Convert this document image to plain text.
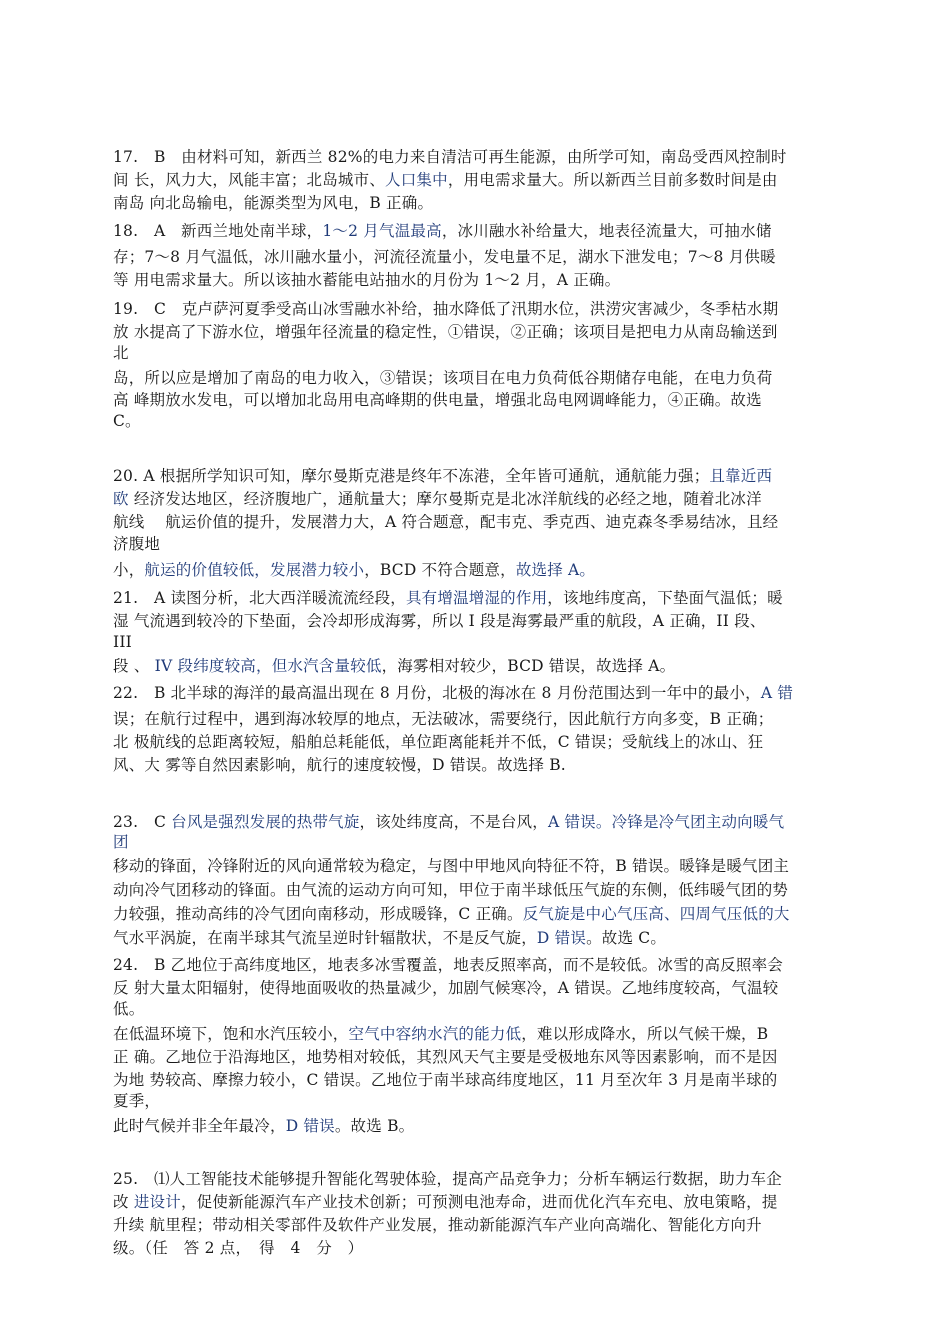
17.　B　由材料可知，新西兰 82%的电力来自清洁可再生能源，由所学可知，南岛受西风控制时
间 长，风力大，风能丰富；北岛城市、人口集中，用电需求量大。所以新西兰目前多数时间是由
南岛 向北岛输电，能源类型为风电，B 正确。
18.　A　新西兰地处南半球，1～2 月气温最高，冰川融水补给量大，地表径流量大，可抽水储
存；7～8 月气温低，冰川融水量小，河流径流量小，发电量不足，湖水下泄发电；7～8 月供暖
等 用电需求量大。所以该抽水蓄能电站抽水的月份为 1～2 月，A 正确。
19.　C　克卢萨河夏季受高山冰雪融水补给，抽水降低了汛期水位，洪涝灾害减少，冬季枯水期
放 水提高了下游水位，增强年径流量的稳定性，①错误，②正确；该项目是把电力从南岛输送到
北
岛，所以应是增加了南岛的电力收入，③错误；该项目在电力负荷低谷期储存电能，在电力负荷
高 峰期放水发电，可以增加北岛用电高峰期的供电量，增强北岛电网调峰能力，④正确。故选
C。
20. A 根据所学知识可知，摩尔曼斯克港是终年不冻港，全年皆可通航，通航能力强；且靠近西
欧 经济发达地区，经济腹地广，通航量大；摩尔曼斯克是北冰洋航线的必经之地，随着北冰洋
航线　 航运价值的提升，发展潜力大，A 符合题意，配韦克、季克西、迪克森冬季易结冰，且经
济腹地
小，航运的价值较低，发展潜力较小，BCD 不符合题意，故选择 A。
21.　A 读图分析，北大西洋暖流流经段，具有增温增湿的作用，该地纬度高，下垫面气温低；暖
湿 气流遇到较冷的下垫面，会冷却形成海雾，所以 I 段是海雾最严重的航段，A 正确，II 段、
III
段 、 IV 段纬度较高，但水汽含量较低，海雾相对较少，BCD 错误，故选择 A。
22.　B 北半球的海洋的最高温出现在 8 月份，北极的海冰在 8 月份范围达到一年中的最小，A 错
误；在航行过程中，遇到海冰较厚的地点，无法破冰，需要绕行，因此航行方向多变，B 正确；
北 极航线的总距离较短，船舶总耗能低，单位距离能耗并不低，C 错误；受航线上的冰山、狂
风、大 雾等自然因素影响，航行的速度较慢，D 错误。故选择 B.
23.　C 台风是强烈发展的热带气旋，该处纬度高，不是台风，A 错误。冷锋是冷气团主动向暖气
团
移动的锋面，冷锋附近的风向通常较为稳定，与图中甲地风向特征不符，B 错误。暖锋是暖气团主
动向冷气团移动的锋面。由气流的运动方向可知，甲位于南半球低压气旋的东侧，低纬暖气团的势
力较强，推动高纬的冷气团向南移动，形成暖锋，C 正确。反气旋是中心气压高、四周气压低的大
气水平涡旋，在南半球其气流呈逆时针辐散状，不是反气旋，D 错误。故选 C。
24.　B 乙地位于高纬度地区，地表多冰雪覆盖，地表反照率高，而不是较低。冰雪的高反照率会
反 射大量太阳辐射，使得地面吸收的热量减少，加剧气候寒冷，A 错误。乙地纬度较高，气温较
低。
在低温环境下，饱和水汽压较小，空气中容纳水汽的能力低，难以形成降水，所以气候干燥，B
正 确。乙地位于沿海地区，地势相对较低，其烈风天气主要是受极地东风等因素影响，而不是因
为地 势较高、摩擦力较小，C 错误。乙地位于南半球高纬度地区，11 月至次年 3 月是南半球的
夏季，
此时气候并非全年最冷，D 错误。故选 B。
25.　⑴人工智能技术能够提升智能化驾驶体验，提高产品竞争力；分析车辆运行数据，助力车企
改 进设计，促使新能源汽车产业技术创新；可预测电池寿命，进而优化汽车充电、放电策略，提
升续 航里程；带动相关零部件及软件产业发展，推动新能源汽车产业向高端化、智能化方向升
级。（任　答 2 点，　得　4　分　）
